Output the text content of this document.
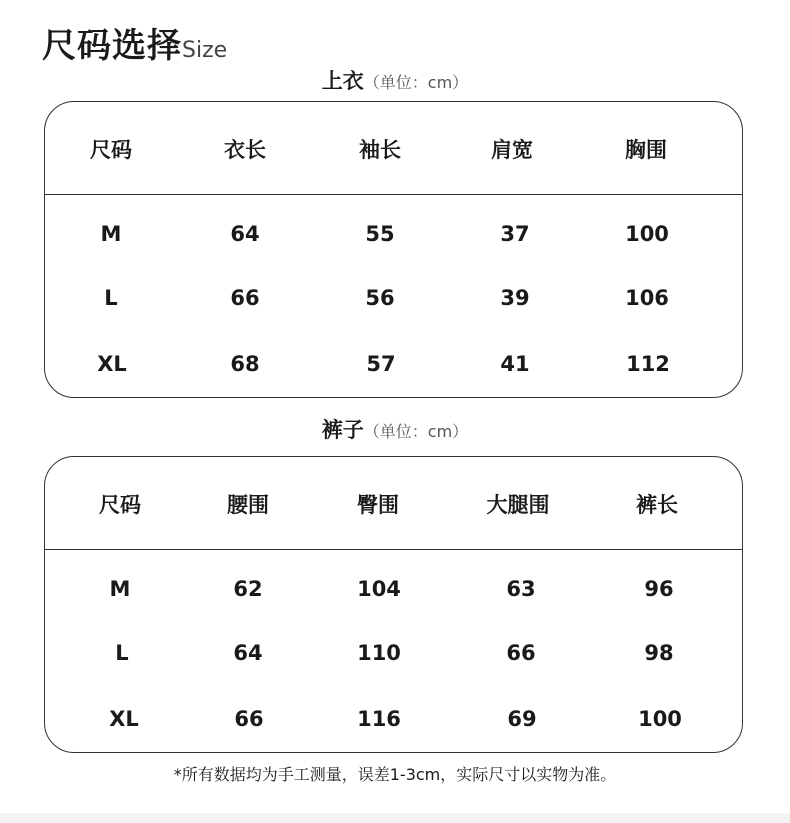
尺码选择Size
上衣（单位：cm）
尺码	衣长	袖长	肩宽	胸围
M	64	55	37	100
L	66	56	39	106
XL	68	57	41	112
裤子（单位：cm）
尺码	腰围	臀围	大腿围	裤长
M	62	104	63	96
L	64	110	66	98
XL	66	116	69	100
*所有数据均为手工测量，误差1-3cm，实际尺寸以实物为准。
